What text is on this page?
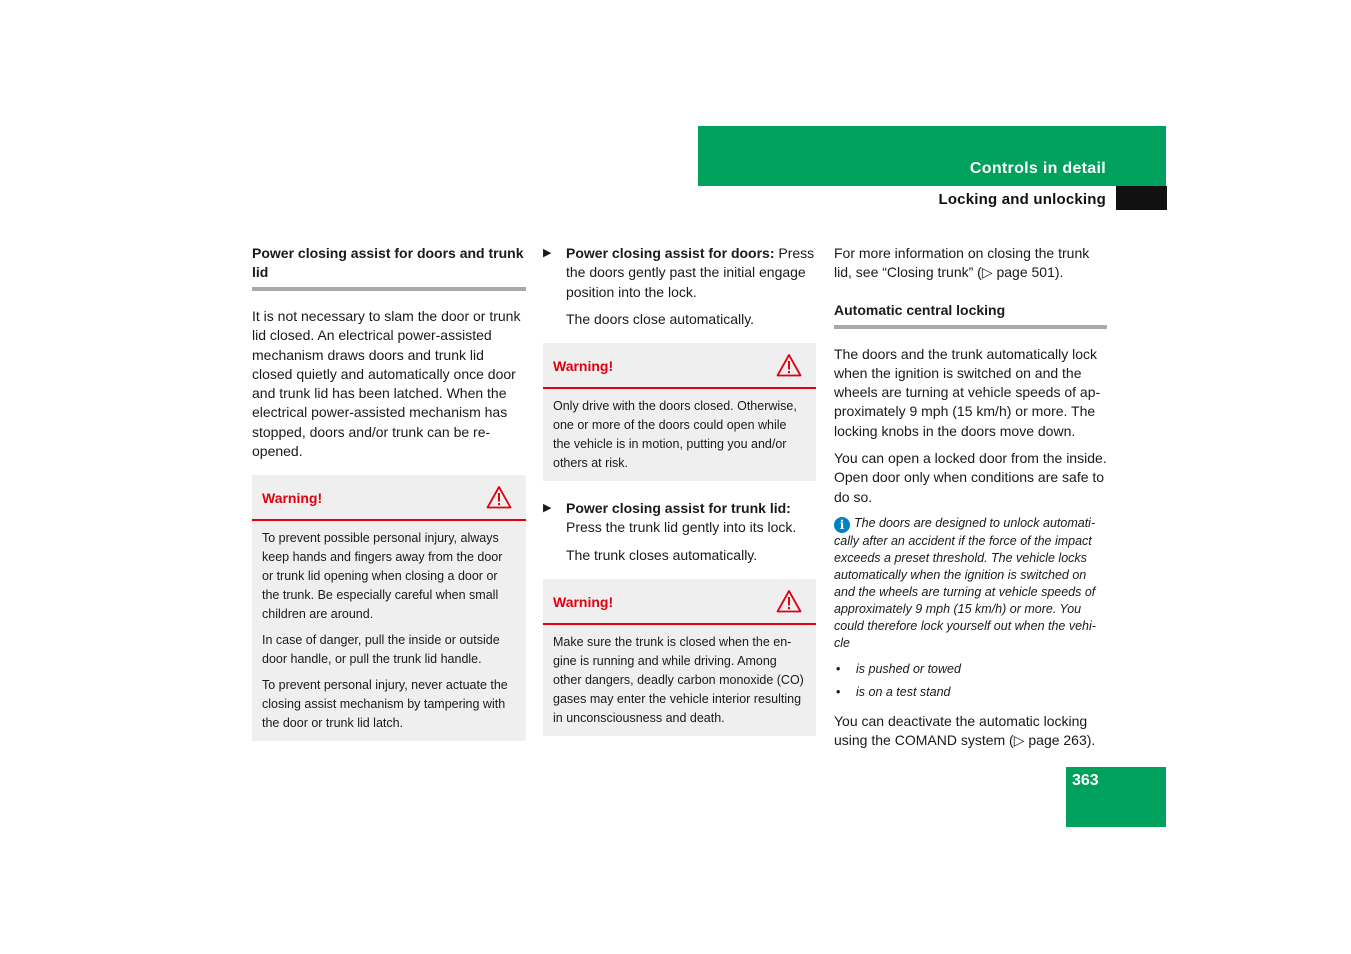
Controls in detail
Locking and unlocking
Power closing assist for doors and trunk lid

It is not necessary to slam the door or trunk lid closed. An electrical power-assisted mechanism draws doors and trunk lid closed quietly and automatically once door and trunk lid has been latched. When the electrical power-assisted mechanism has stopped, doors and/or trunk can be re-opened.

Warning!

To prevent possible personal injury, always keep hands and fingers away from the door or trunk lid opening when closing a door or the trunk. Be especially careful when small children are around.

In case of danger, pull the inside or outside door handle, or pull the trunk lid handle.

To prevent personal injury, never actuate the closing assist mechanism by tampering with the door or trunk lid latch.

▶ Power closing assist for doors: Press the doors gently past the initial engage position into the lock.

The doors close automatically.

Warning!

Only drive with the doors closed. Otherwise, one or more of the doors could open while the vehicle is in motion, putting you and/or others at risk.

▶ Power closing assist for trunk lid: Press the trunk lid gently into its lock.

The trunk closes automatically.

Warning!

Make sure the trunk is closed when the engine is running and while driving. Among other dangers, deadly carbon monoxide (CO) gases may enter the vehicle interior resulting in unconsciousness and death.

For more information on closing the trunk lid, see “Closing trunk” (▷ page 501).

Automatic central locking

The doors and the trunk automatically lock when the ignition is switched on and the wheels are turning at vehicle speeds of approximately 9 mph (15 km/h) or more. The locking knobs in the doors move down.

You can open a locked door from the inside. Open door only when conditions are safe to do so.

i The doors are designed to unlock automatically after an accident if the force of the impact exceeds a preset threshold. The vehicle locks automatically when the ignition is switched on and the wheels are turning at vehicle speeds of approximately 9 mph (15 km/h) or more. You could therefore lock yourself out when the vehicle
• is pushed or towed
• is on a test stand

You can deactivate the automatic locking using the COMAND system (▷ page 263).

363
